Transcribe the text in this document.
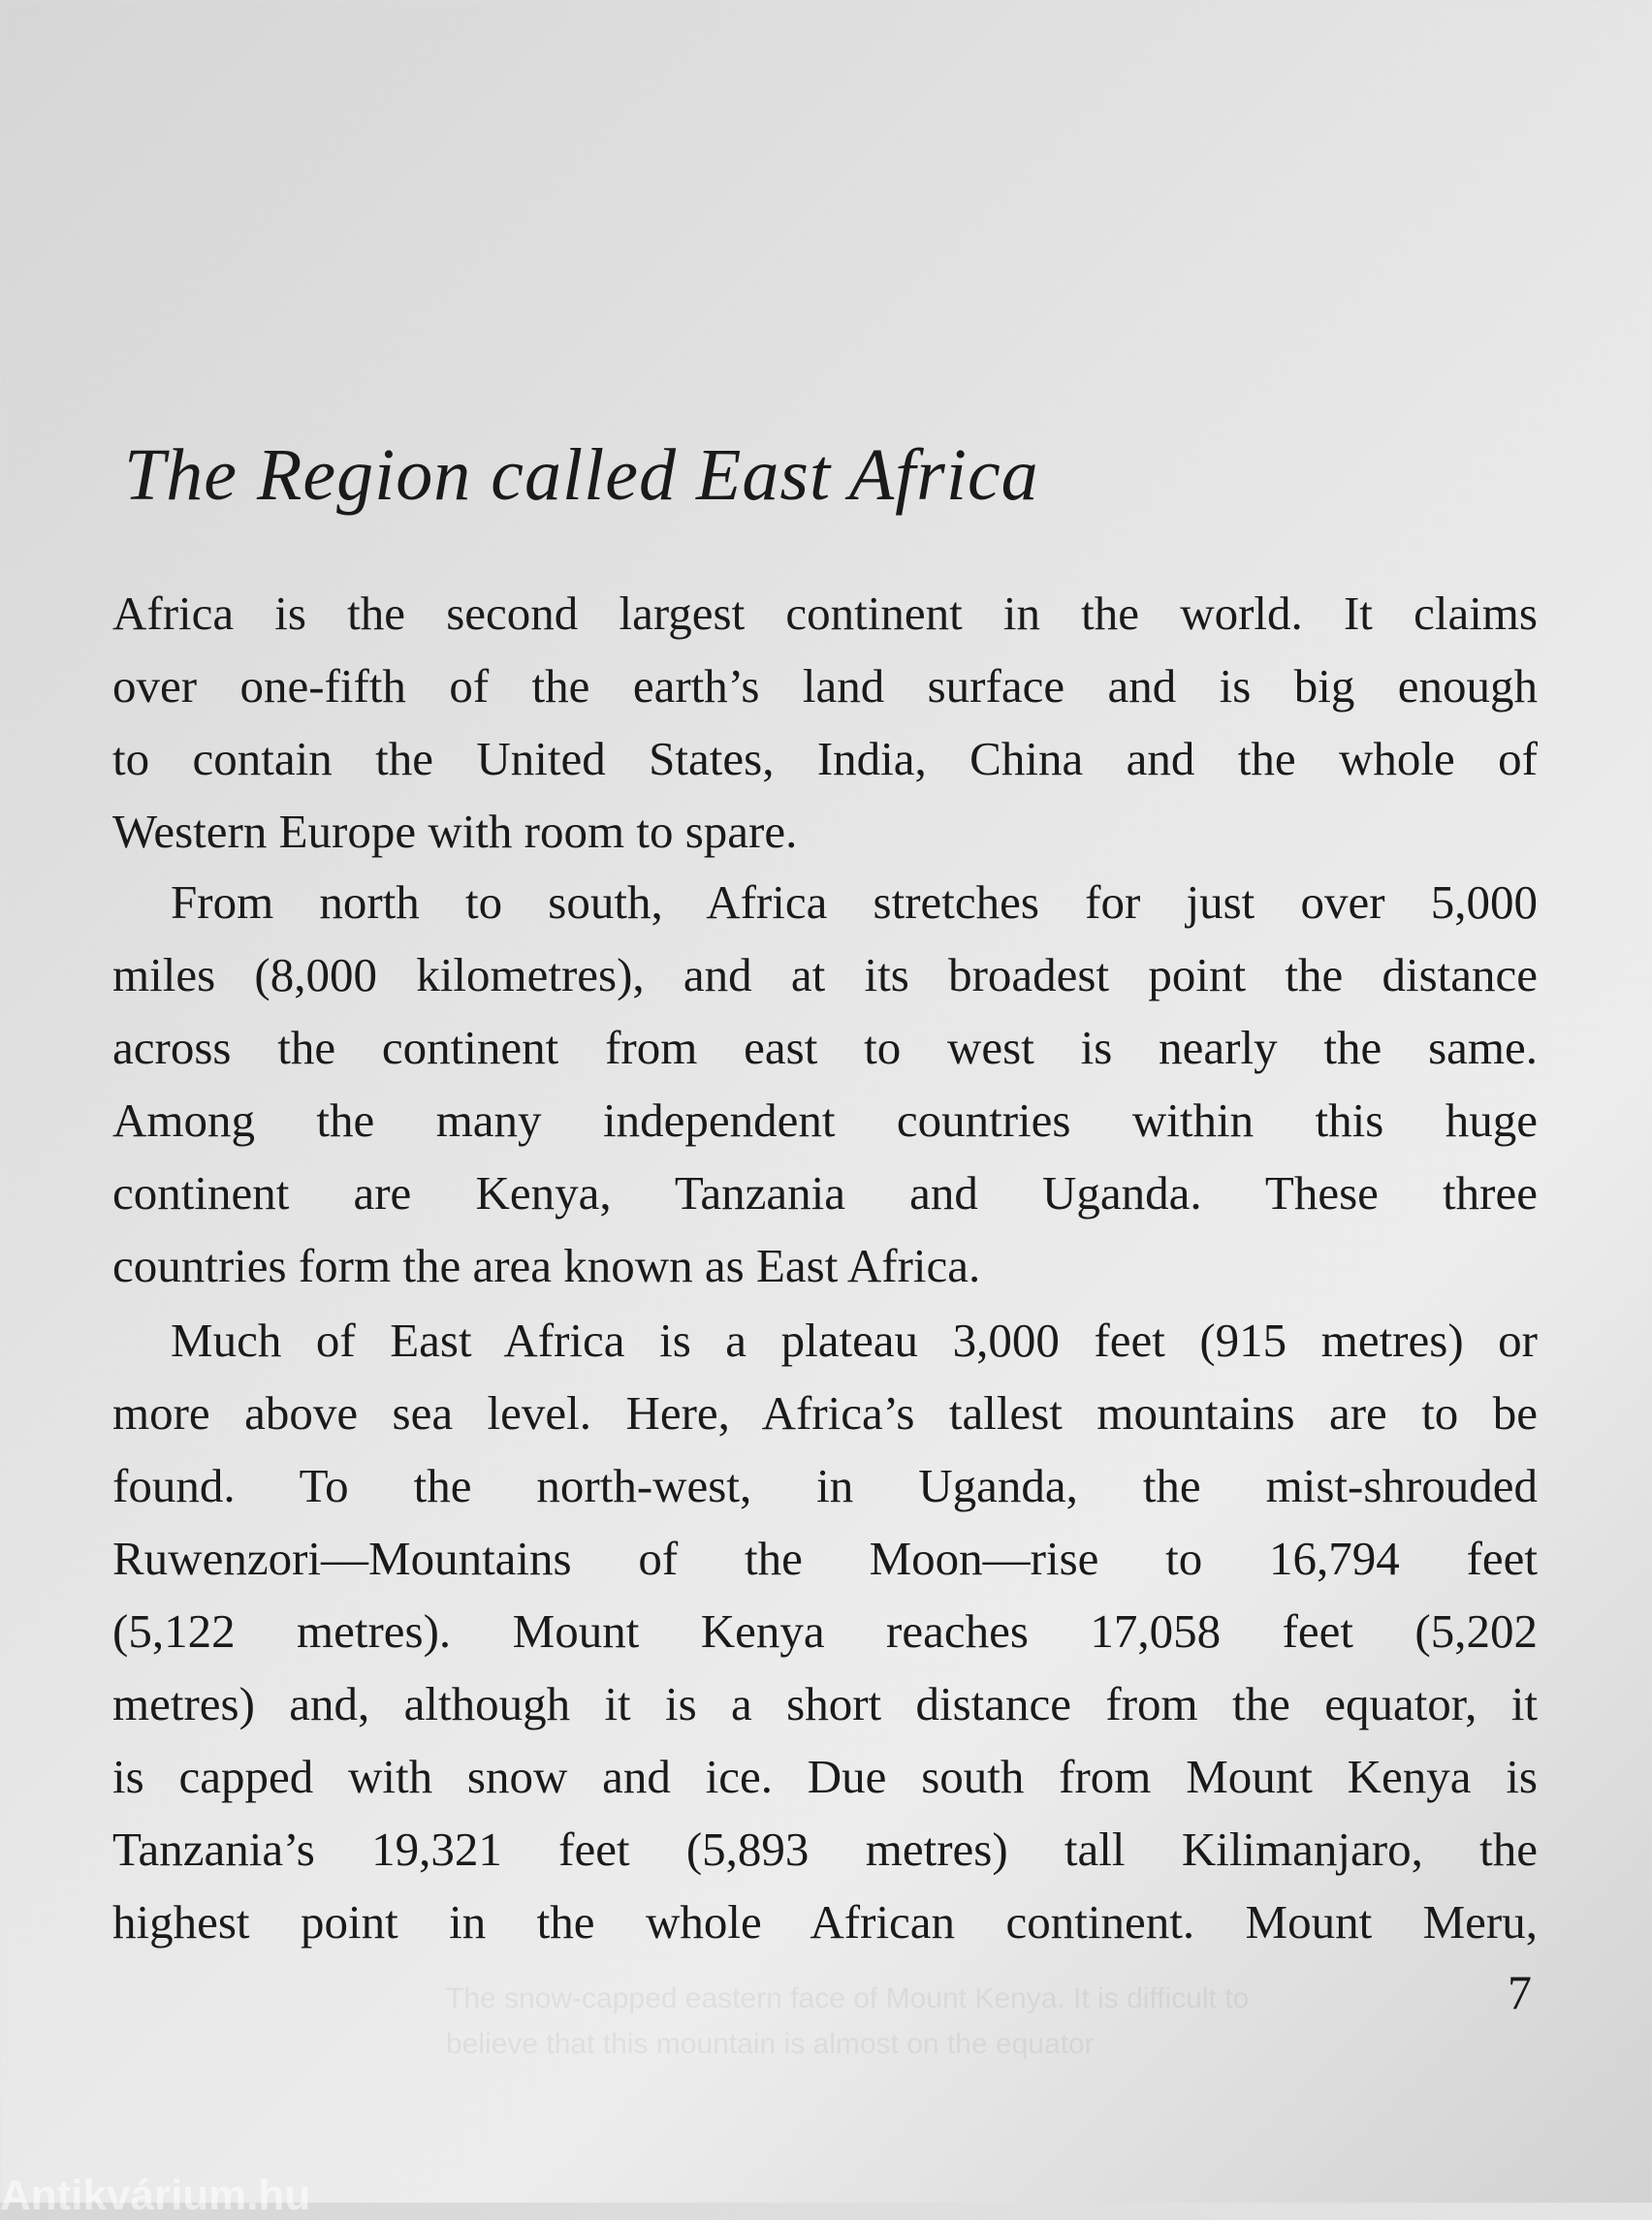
The Region called East Africa
Africa is the second largest continent in the world. It claims
over one-fifth of the earth’s land surface and is big enough
to contain the United States, India, China and the whole of
Western Europe with room to spare.
From north to south, Africa stretches for just over 5,000
miles (8,000 kilometres), and at its broadest point the distance
across the continent from east to west is nearly the same.
Among the many independent countries within this huge
continent are Kenya, Tanzania and Uganda. These three
countries form the area known as East Africa.
Much of East Africa is a plateau 3,000 feet (915 metres) or
more above sea level. Here, Africa’s tallest mountains are to be
found. To the north-west, in Uganda, the mist-shrouded
Ruwenzori—Mountains of the Moon—rise to 16,794 feet
(5,122 metres). Mount Kenya reaches 17,058 feet (5,202
metres) and, although it is a short distance from the equator, it
is capped with snow and ice. Due south from Mount Kenya is
Tanzania’s 19,321 feet (5,893 metres) tall Kilimanjaro, the
highest point in the whole African continent. Mount Meru,
7
The snow-capped eastern face of Mount Kenya. It is difficult to
believe that this mountain is almost on the equator
Antikvárium.hu
